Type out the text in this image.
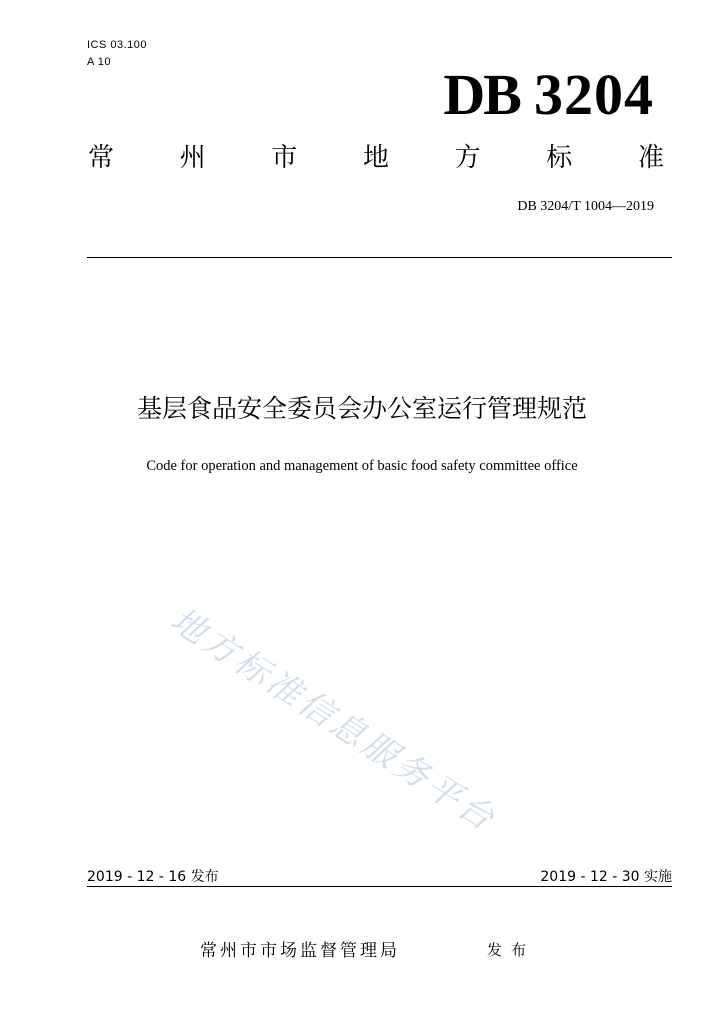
ICS 03.100
A 10	DB 3204
常	州	市	地	方	标	准
DB 3204/T 1004—2019
基层食品安全委员会办公室运行管理规范
Code for operation and management of basic food safety committee office
地方标准信息服务平台
2019 - 12 - 16 发布	2019 - 12 - 30 实施
常州市市场监督管理局	发布
